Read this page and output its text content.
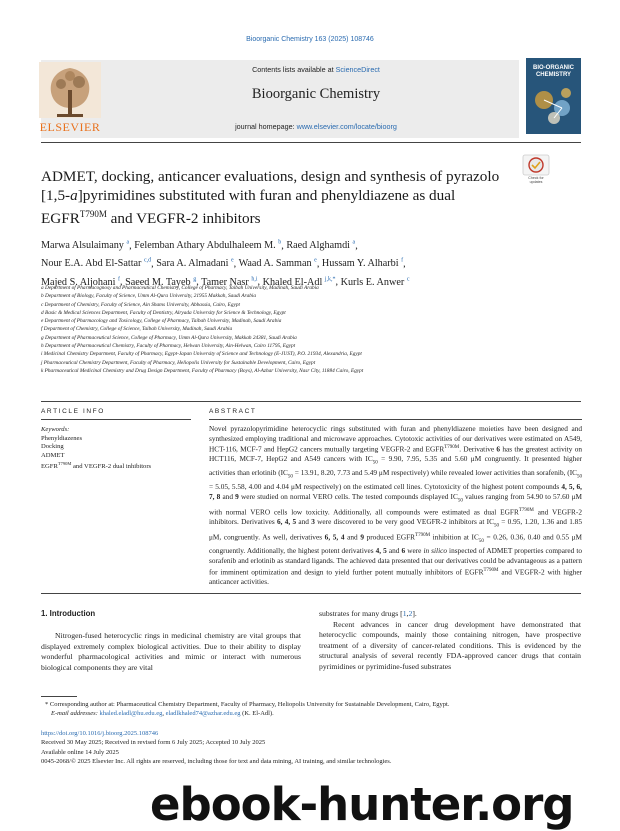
Bioorganic Chemistry 163 (2025) 108746
ELSEVIER
Contents lists available at ScienceDirect
Bioorganic Chemistry
journal homepage: www.elsevier.com/locate/bioorg
BIO-ORGANIC
CHEMISTRY
ADMET, docking, anticancer evaluations, design and synthesis of pyrazolo
[1,5-a]pyrimidines substituted with furan and phenyldiazene as dual
$EGFR^{T790M}$ and VEGFR-2 inhibitors
Check for
updates
Marwa Alsulaimany $^a$, Felemban Athary Abdulhaleem M. $^b$, Raed Alghamdi $^a$,
Nour E.A. Abd El-Sattar $^{c,d}$, Sara A. Almadani $^e$, Waad A. Samman $^e$, Hussam Y. Alharbi $^f$,
Majed S. Aljohani $^f$, Saeed M. Tayeb $^g$, Tamer Nasr $^{h,i}$, Khaled El-Adl $^{j,k,*}$, Kurls E. Anwer $^c$
a Department of Pharmacognosy and Pharmaceutical Chemistry, College of Pharmacy, Taibah University, Madinah, Saudi Arabia
b Department of Biology, Faculty of Science, Umm Al-Qura University, 21955 Makkah, Saudi Arabia
c Department of Chemistry, Faculty of Science, Ain Shams University, Abbassia, Cairo, Egypt
d Basic & Medical Sciences Department, Faculty of Dentistry, Alryada University for Science & Technology, Egypt
e Department of Pharmacology and Toxicology, College of Pharmacy, Taibah University, Madinah, Saudi Arabia
f Department of Chemistry, College of Science, Taibah University, Madinah, Saudi Arabia
g Department of Pharmaceutical Science, College of Pharmacy, Umm Al-Qura University, Makkah 24381, Saudi Arabia
h Department of Pharmaceutical Chemistry, Faculty of Pharmacy, Helwan University, Ain-Helwan, Cairo 11795, Egypt
i Medicinal Chemistry Department, Faculty of Pharmacy, Egypt-Japan University of Science and Technology (E-JUST), P.O. 21934, Alexandria, Egypt
j Pharmaceutical Chemistry Department, Faculty of Pharmacy, Heliopolis University for Sustainable Development, Cairo, Egypt
k Pharmaceutical Medicinal Chemistry and Drug Design Department, Faculty of Pharmacy (Boys), Al-Azhar University, Nasr City, 11884 Cairo, Egypt
ARTICLE INFO	ABSTRACT
Keywords:
Phenyldiazenes
Docking
ADMET
$EGFR^{T790M}$ and VEGFR-2 dual inhibitors
Novel pyrazolopyrimidine heterocyclic rings substituted with furan and phenyldiazene moieties have been designed and synthesized employing traditional and microwave approaches. Cytotoxic activities of our derivatives were estimated on A549, HCT-116, MCF-7 and HepG2 cancers mutually targeting VEGFR-2 and $EGFR^{T790M}$. Derivative 6 has the greatest activity on HCT116, MCF-7, HepG2 and A549 cancers with $IC_{50} = 9.90$, 7.95, 5.35 and 5.60 μM congruently. It presented higher activities than erlotinib ($IC_{50} = 13.91$, 8.20, 7.73 and 5.49 μM respectively) while revealed lower activities than sorafenib, ($IC_{50} = 5.05$, 5.58, 4.00 and 4.04 μM respectively) on the estimated cell lines. Cytotoxicity of the highest potent compounds 4, 5, 6, 7, 8 and 9 were studied on normal VERO cells. The tested compounds displayed $IC_{50}$ values ranging from 54.90 to 57.60 μM with normal VERO cells low toxicity. Additionally, all compounds were estimated as dual $EGFR^{T790M}$ and VEGFR-2 inhibitors. Derivatives 6, 4, 5 and 3 were discovered to be very good VEGFR-2 inhibitors at $IC_{50} = 0.95$, 1.20, 1.36 and 1.85 μM, congruently. As well, derivatives 6, 5, 4 and 9 produced $EGFR^{T790M}$ inhibition at $IC_{50} = 0.26$, 0.36, 0.40 and 0.55 μM congruently. Additionally, the highest potent derivatives 4, 5 and 6 were in silico inspected of ADMET properties compared to sorafenib and erlotinib as standard ligands. The achieved data presented that our derivatives could be advantageous as a pattern for imminent optimization and design to yield further potent mutually inhibitors of $EGFR^{T790M}$ and VEGFR-2 with higher anticancer activities.
1. Introduction
Nitrogen-fused heterocyclic rings in medicinal chemistry are vital groups that displayed extremely complex biological activities. Due to their ability to display wonderful pharmacological activities and mimic or interact with numerous biological components they are vital
substrates for many drugs [1,2].
Recent advances in cancer drug development have demonstrated that heterocyclic compounds, mainly those containing nitrogen, have prospective treatment of a diversity of cancer-related conditions. This is evidenced by the structural analysis of several recently FDA-approved cancer drugs that contain pyrimidines or pyrimidine-fused substrates
* Corresponding author at: Pharmaceutical Chemistry Department, Faculty of Pharmacy, Heliopolis University for Sustainable Development, Cairo, Egypt.
E-mail addresses: khaled.eladl@hu.edu.eg, eladlkhaled74@azhar.edu.eg (K. El-Adl).
https://doi.org/10.1016/j.bioorg.2025.108746
Received 30 May 2025; Received in revised form 6 July 2025; Accepted 10 July 2025
Available online 14 July 2025
0045-2068/© 2025 Elsevier Inc. All rights are reserved, including those for text and data mining, AI training, and similar technologies.
ebook-hunter.org
